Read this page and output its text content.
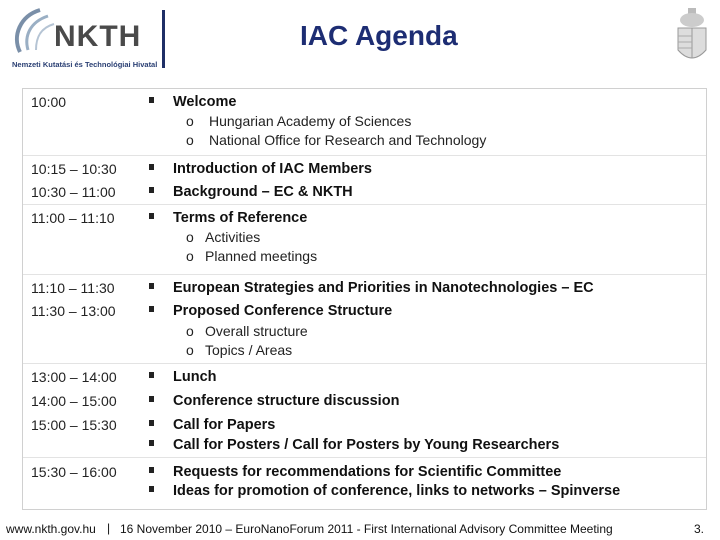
NKTH
Nemzeti Kutatási és Technológiai Hivatal
IAC Agenda
10:00	Welcome
o Hungarian Academy of Sciences
o National Office for Research and Technology
10:15 – 10:30	Introduction of IAC Members
10:30 – 11:00	Background – EC & NKTH
11:00 – 11:10	Terms of Reference
o Activities
o Planned meetings
11:10 – 11:30	European Strategies and Priorities in Nanotechnologies – EC
11:30 – 13:00	Proposed Conference Structure
o Overall structure
o Topics / Areas
13:00 – 14:00	Lunch
14:00 – 15:00	Conference structure discussion
15:00 – 15:30	Call for Papers
Call for Posters / Call for Posters by Young Researchers
15:30 – 16:00	Requests for recommendations for Scientific Committee
Ideas for promotion of conference, links to networks – Spinverse
www.nkth.gov.hu | 16 November 2010 – EuroNanoForum 2011 - First International Advisory Committee Meeting	3.
